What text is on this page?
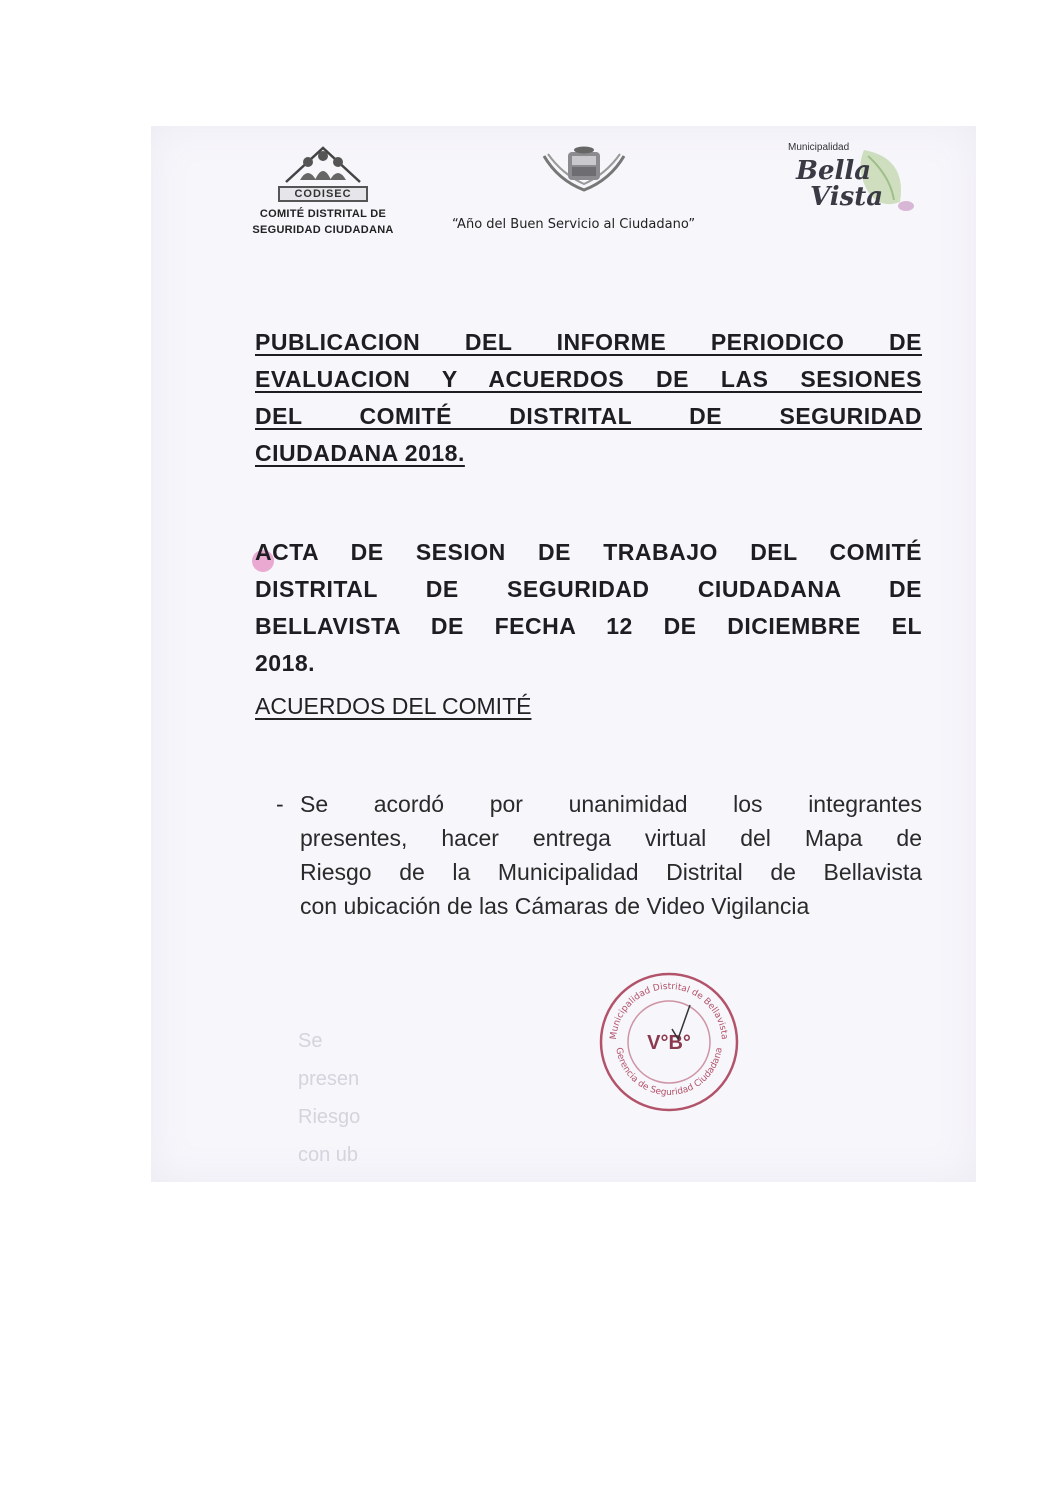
CODISEC
COMITÉ DISTRITAL DE
SEGURIDAD CIUDADANA
Municipalidad
Bella
Vista
“Año del Buen Servicio al Ciudadano”
PUBLICACION DEL INFORME PERIODICO DE
EVALUACION Y ACUERDOS DE LAS SESIONES
DEL COMITÉ DISTRITAL DE SEGURIDAD
CIUDADANA 2018.
ACTA DE SESION DE TRABAJO DEL COMITÉ
DISTRITAL DE SEGURIDAD CIUDADANA DE
BELLAVISTA DE FECHA 12 DE DICIEMBRE EL
2018.
ACUERDOS DEL COMITÉ
- Se acordó por unanimidad los integrantes
presentes, hacer entrega virtual del Mapa de
Riesgo de la Municipalidad Distrital de Bellavista
con ubicación de las Cámaras de Video Vigilancia
Se
presen
Riesgo
con ub
Municipalidad Distrital de Bellavista
Gerencia de Seguridad Ciudadana
V°B°
